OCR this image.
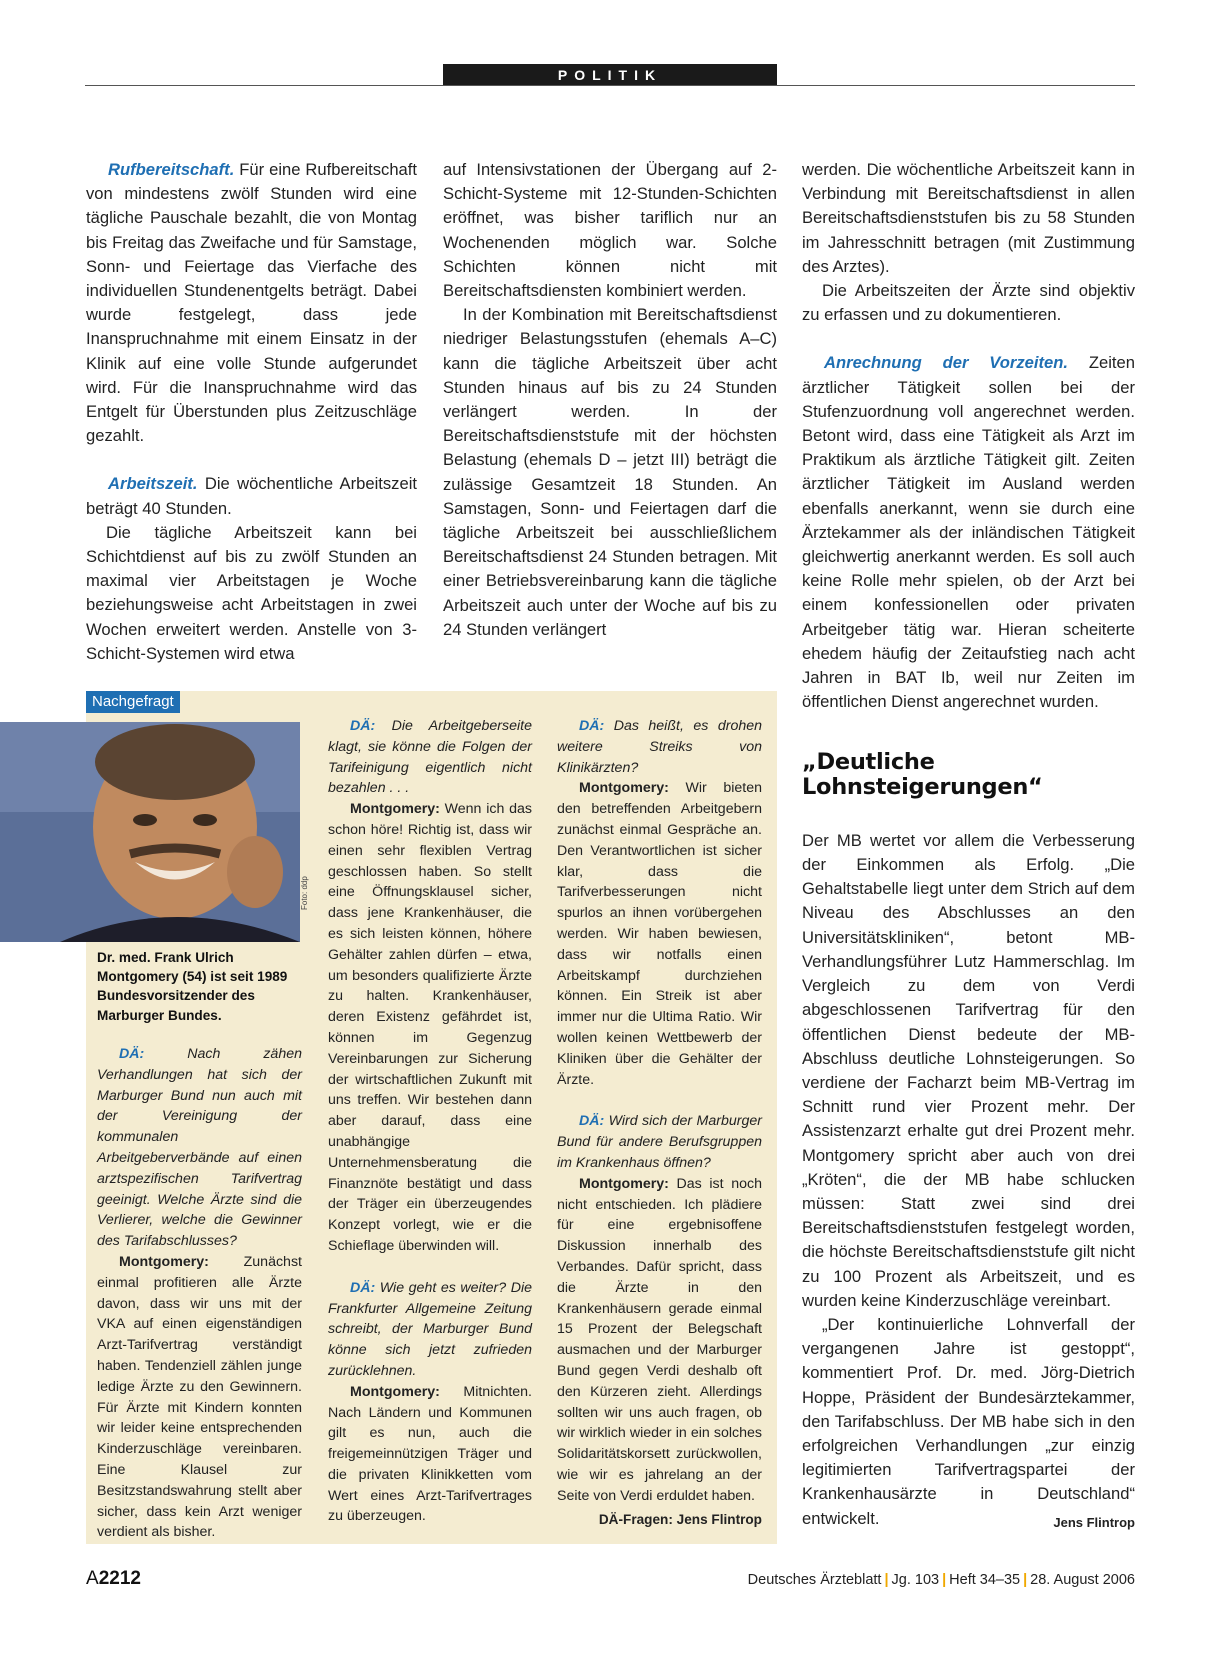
POLITIK

Rufbereitschaft. Für eine Rufbereitschaft von mindestens zwölf Stunden wird eine tägliche Pauschale bezahlt, die von Montag bis Freitag das Zweifache und für Samstage, Sonn- und Feiertage das Vierfache des individuellen Stundenentgelts beträgt. Dabei wurde festgelegt, dass jede Inanspruchnahme mit einem Einsatz in der Klinik auf eine volle Stunde aufgerundet wird. Für die Inanspruchnahme wird das Entgelt für Überstunden plus Zeitzuschläge gezahlt.

Arbeitszeit. Die wöchentliche Arbeitszeit beträgt 40 Stunden.

Die tägliche Arbeitszeit kann bei Schichtdienst auf bis zu zwölf Stunden an maximal vier Arbeitstagen je Woche beziehungsweise acht Arbeitstagen in zwei Wochen erweitert werden. Anstelle von 3-Schicht-Systemen wird etwa

auf Intensivstationen der Übergang auf 2-Schicht-Systeme mit 12-Stunden-Schichten eröffnet, was bisher tariflich nur an Wochenenden möglich war. Solche Schichten können nicht mit Bereitschaftsdiensten kombiniert werden.

In der Kombination mit Bereitschaftsdienst niedriger Belastungsstufen (ehemals A–C) kann die tägliche Arbeitszeit über acht Stunden hinaus auf bis zu 24 Stunden verlängert werden. In der Bereitschaftsdienststufe mit der höchsten Belastung (ehemals D – jetzt III) beträgt die zulässige Gesamtzeit 18 Stunden. An Samstagen, Sonn- und Feiertagen darf die tägliche Arbeitszeit bei ausschließlichem Bereitschaftsdienst 24 Stunden betragen. Mit einer Betriebsvereinbarung kann die tägliche Arbeitszeit auch unter der Woche auf bis zu 24 Stunden verlängert

werden. Die wöchentliche Arbeitszeit kann in Verbindung mit Bereitschaftsdienst in allen Bereitschaftsdienststufen bis zu 58 Stunden im Jahresschnitt betragen (mit Zustimmung des Arztes).

Die Arbeitszeiten der Ärzte sind objektiv zu erfassen und zu dokumentieren.

Anrechnung der Vorzeiten. Zeiten ärztlicher Tätigkeit sollen bei der Stufenzuordnung voll angerechnet werden. Betont wird, dass eine Tätigkeit als Arzt im Praktikum als ärztliche Tätigkeit gilt. Zeiten ärztlicher Tätigkeit im Ausland werden ebenfalls anerkannt, wenn sie durch eine Ärztekammer als der inländischen Tätigkeit gleichwertig anerkannt werden. Es soll auch keine Rolle mehr spielen, ob der Arzt bei einem konfessionellen oder privaten Arbeitgeber tätig war. Hieran scheiterte ehedem häufig der Zeitaufstieg nach acht Jahren in BAT Ib, weil nur Zeiten im öffentlichen Dienst angerechnet wurden.

„Deutliche Lohnsteigerungen“

Der MB wertet vor allem die Verbesserung der Einkommen als Erfolg. „Die Gehaltstabelle liegt unter dem Strich auf dem Niveau des Abschlusses an den Universitätskliniken“, betont MB-Verhandlungsführer Lutz Hammerschlag. Im Vergleich zu dem von Verdi abgeschlossenen Tarifvertrag für den öffentlichen Dienst bedeute der MB-Abschluss deutliche Lohnsteigerungen. So verdiene der Facharzt beim MB-Vertrag im Schnitt rund vier Prozent mehr. Der Assistenzarzt erhalte gut drei Prozent mehr. Montgomery spricht aber auch von drei „Kröten“, die der MB habe schlucken müssen: Statt zwei sind drei Bereitschaftsdienststufen festgelegt worden, die höchste Bereitschaftsdienststufe gilt nicht zu 100 Prozent als Arbeitszeit, und es wurden keine Kinderzuschläge vereinbart.

„Der kontinuierliche Lohnverfall der vergangenen Jahre ist gestoppt“, kommentiert Prof. Dr. med. Jörg-Dietrich Hoppe, Präsident der Bundesärztekammer, den Tarifabschluss. Der MB habe sich in den erfolgreichen Verhandlungen „zur einzig legitimierten Tarifvertragspartei der Krankenhausärzte in Deutschland“ entwickelt.	Jens Flintrop

Nachgefragt
Foto: ddp
Dr. med. Frank Ulrich Montgomery (54) ist seit 1989 Bundesvorsitzender des Marburger Bundes.

DÄ: Nach zähen Verhandlungen hat sich der Marburger Bund nun auch mit der Vereinigung der kommunalen Arbeitgeberverbände auf einen arztspezifischen Tarifvertrag geeinigt. Welche Ärzte sind die Verlierer, welche die Gewinner des Tarifabschlusses?

Montgomery: Zunächst einmal profitieren alle Ärzte davon, dass wir uns mit der VKA auf einen eigenständigen Arzt-Tarifvertrag verständigt haben. Tendenziell zählen junge ledige Ärzte zu den Gewinnern. Für Ärzte mit Kindern konnten wir leider keine entsprechenden Kinderzuschläge vereinbaren. Eine Klausel zur Besitzstandswahrung stellt aber sicher, dass kein Arzt weniger verdient als bisher.

DÄ: Die Arbeitgeberseite klagt, sie könne die Folgen der Tarifeinigung eigentlich nicht bezahlen . . .

Montgomery: Wenn ich das schon höre! Richtig ist, dass wir einen sehr flexiblen Vertrag geschlossen haben. So stellt eine Öffnungsklausel sicher, dass jene Krankenhäuser, die es sich leisten können, höhere Gehälter zahlen dürfen – etwa, um besonders qualifizierte Ärzte zu halten. Krankenhäuser, deren Existenz gefährdet ist, können im Gegenzug Vereinbarungen zur Sicherung der wirtschaftlichen Zukunft mit uns treffen. Wir bestehen dann aber darauf, dass eine unabhängige Unternehmensberatung die Finanznöte bestätigt und dass der Träger ein überzeugendes Konzept vorlegt, wie er die Schieflage überwinden will.

DÄ: Wie geht es weiter? Die Frankfurter Allgemeine Zeitung schreibt, der Marburger Bund könne sich jetzt zufrieden zurücklehnen.

Montgomery: Mitnichten. Nach Ländern und Kommunen gilt es nun, auch die freigemeinnützigen Träger und die privaten Klinikketten vom Wert eines Arzt-Tarifvertrages zu überzeugen.

DÄ: Das heißt, es drohen weitere Streiks von Klinikärzten?

Montgomery: Wir bieten den betreffenden Arbeitgebern zunächst einmal Gespräche an. Den Verantwortlichen ist sicher klar, dass die Tarifverbesserungen nicht spurlos an ihnen vorübergehen werden. Wir haben bewiesen, dass wir notfalls einen Arbeitskampf durchziehen können. Ein Streik ist aber immer nur die Ultima Ratio. Wir wollen keinen Wettbewerb der Kliniken über die Gehälter der Ärzte.

DÄ: Wird sich der Marburger Bund für andere Berufsgruppen im Krankenhaus öffnen?

Montgomery: Das ist noch nicht entschieden. Ich plädiere für eine ergebnisoffene Diskussion innerhalb des Verbandes. Dafür spricht, dass die Ärzte in den Krankenhäusern gerade einmal 15 Prozent der Belegschaft ausmachen und der Marburger Bund gegen Verdi deshalb oft den Kürzeren zieht. Allerdings sollten wir uns auch fragen, ob wir wirklich wieder in ein solches Solidaritätskorsett zurückwollen, wie wir es jahrelang an der Seite von Verdi erduldet haben.

DÄ-Fragen: Jens Flintrop
A2212	Deutsches Ärzteblatt | Jg. 103 | Heft 34–35 | 28. August 2006
